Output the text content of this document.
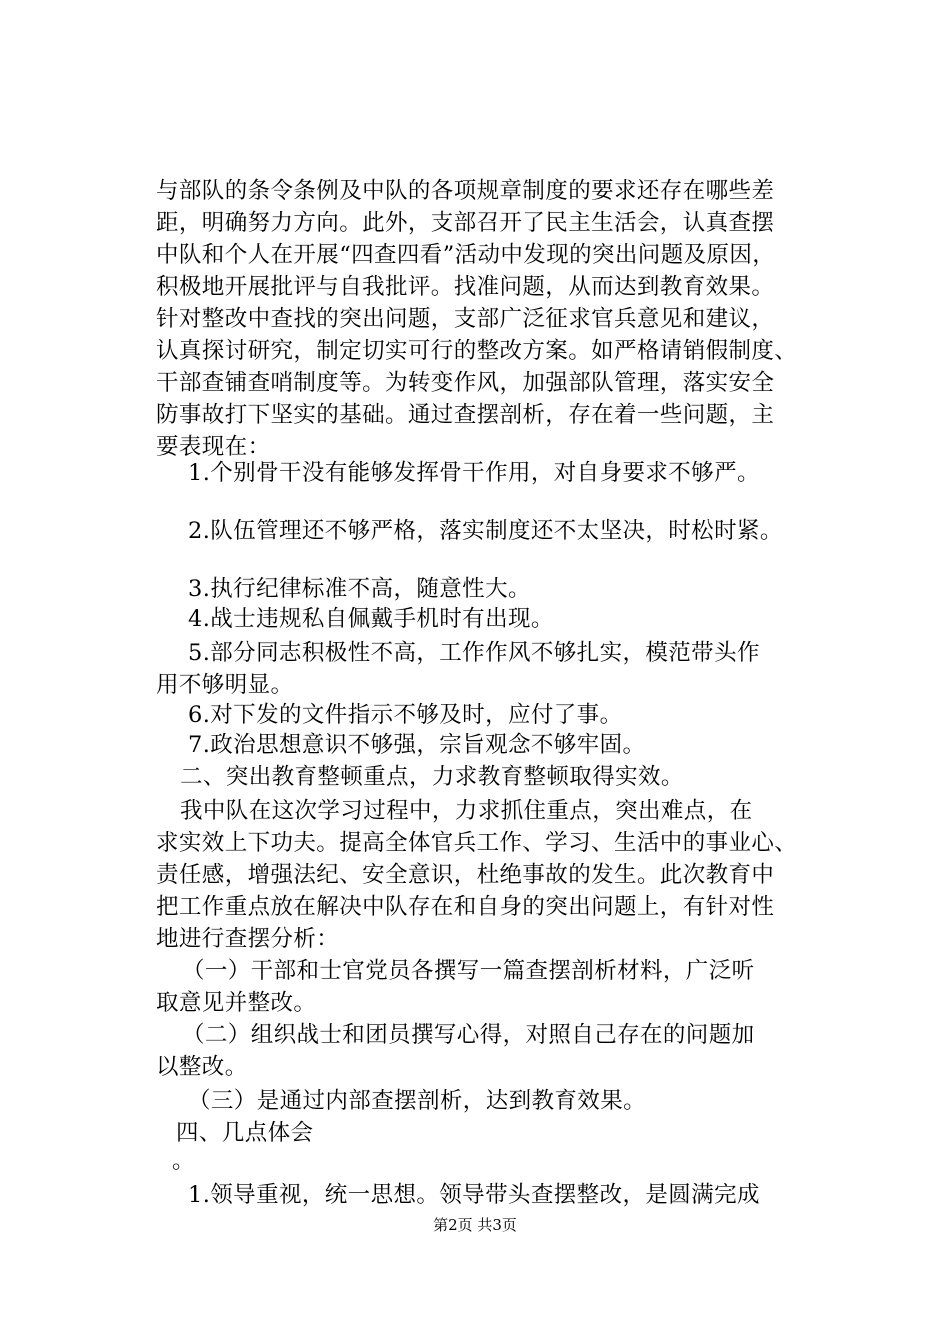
与部队的条令条例及中队的各项规章制度的要求还存在哪些差
距，明确努力方向。此外，支部召开了民主生活会，认真查摆
中队和个人在开展“四查四看”活动中发现的突出问题及原因，
积极地开展批评与自我批评。找准问题，从而达到教育效果。
针对整改中查找的突出问题，支部广泛征求官兵意见和建议，
认真探讨研究，制定切实可行的整改方案。如严格请销假制度、
干部查铺查哨制度等。为转变作风，加强部队管理，落实安全
防事故打下坚实的基础。通过查摆剖析，存在着一些问题，主
要表现在：
1.个别骨干没有能够发挥骨干作用，对自身要求不够严。
2.队伍管理还不够严格，落实制度还不太坚决，时松时紧。
3.执行纪律标准不高，随意性大。
4.战士违规私自佩戴手机时有出现。
5.部分同志积极性不高，工作作风不够扎实，模范带头作
用不够明显。
6.对下发的文件指示不够及时，应付了事。
7.政治思想意识不够强，宗旨观念不够牢固。
二、突出教育整顿重点，力求教育整顿取得实效。
我中队在这次学习过程中，力求抓住重点，突出难点，在
求实效上下功夫。提高全体官兵工作、学习、生活中的事业心、
责任感，增强法纪、安全意识，杜绝事故的发生。此次教育中
把工作重点放在解决中队存在和自身的突出问题上，有针对性
地进行查摆分析：
（一）干部和士官党员各撰写一篇查摆剖析材料，广泛听
取意见并整改。
（二）组织战士和团员撰写心得，对照自己存在的问题加
以整改。
（三）是通过内部查摆剖析，达到教育效果。
四、几点体会
。
1.领导重视，统一思想。领导带头查摆整改，是圆满完成
第2页 共3页
